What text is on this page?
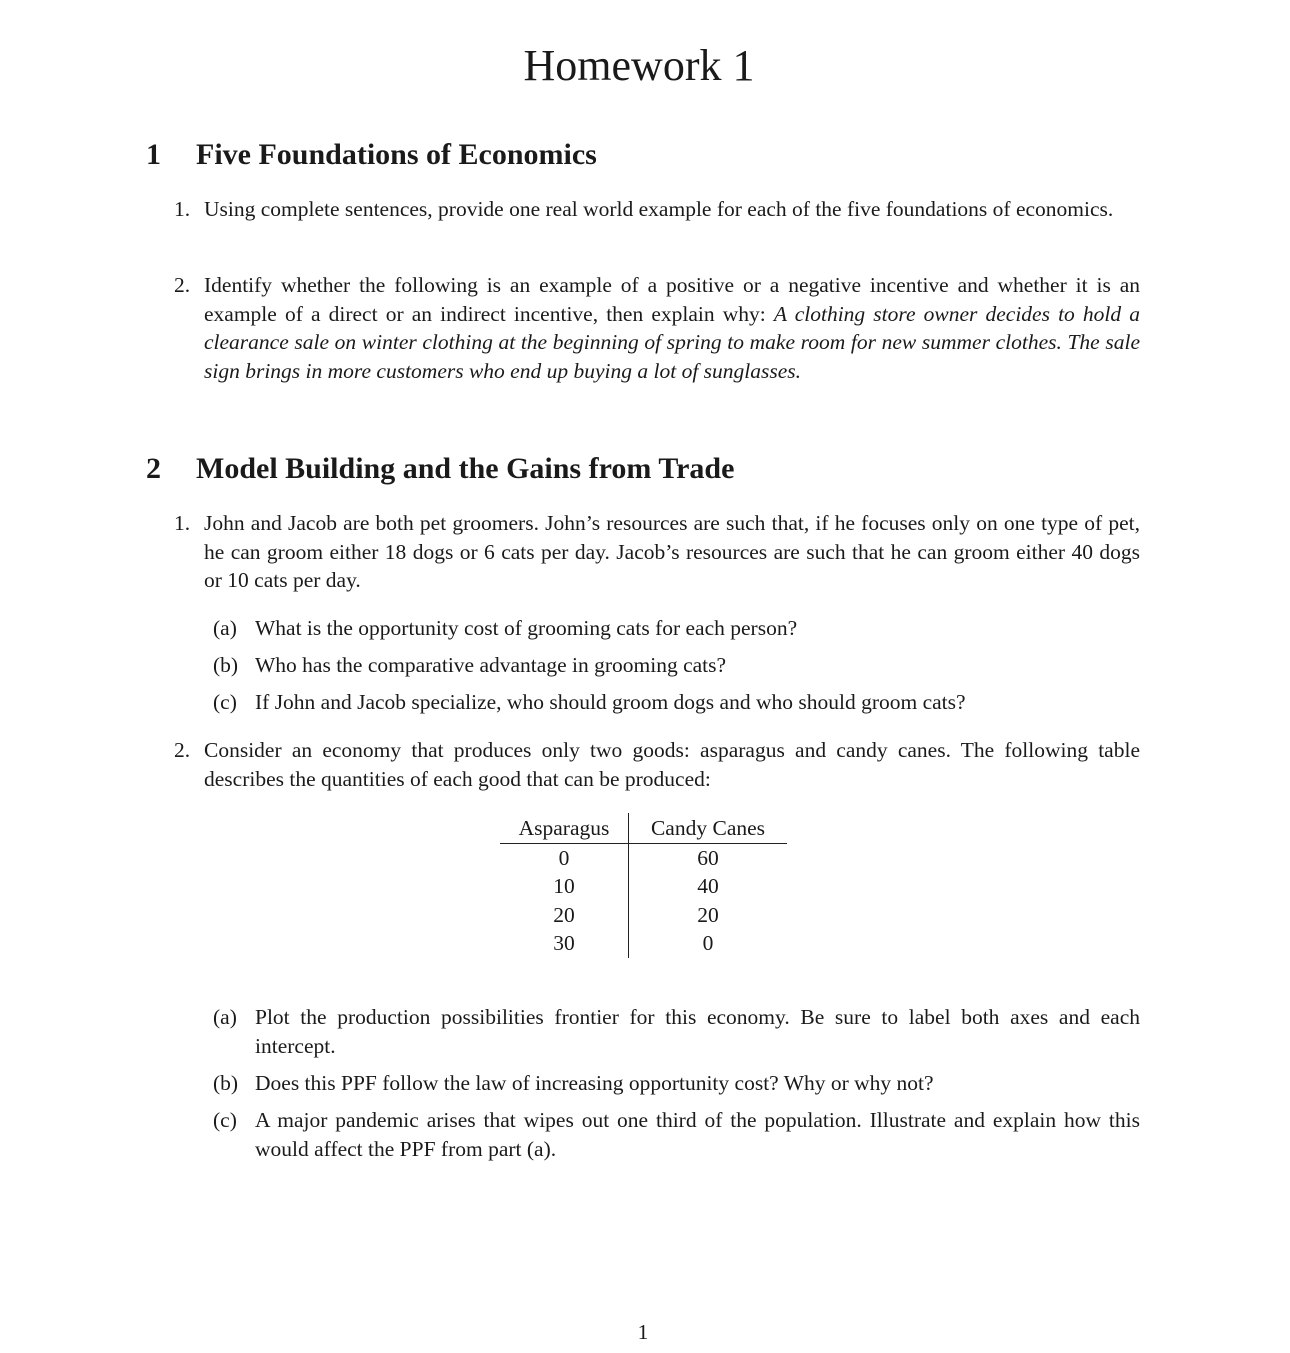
Homework 1
1 Five Foundations of Economics
1. Using complete sentences, provide one real world example for each of the five foundations of economics.
2. Identify whether the following is an example of a positive or a negative incentive and whether it is an example of a direct or an indirect incentive, then explain why: A clothing store owner decides to hold a clearance sale on winter clothing at the beginning of spring to make room for new summer clothes. The sale sign brings in more customers who end up buying a lot of sunglasses.
2 Model Building and the Gains from Trade
1. John and Jacob are both pet groomers. John’s resources are such that, if he focuses only on one type of pet, he can groom either 18 dogs or 6 cats per day. Jacob’s resources are such that he can groom either 40 dogs or 10 cats per day.
(a) What is the opportunity cost of grooming cats for each person?
(b) Who has the comparative advantage in grooming cats?
(c) If John and Jacob specialize, who should groom dogs and who should groom cats?
2. Consider an economy that produces only two goods: asparagus and candy canes. The following table describes the quantities of each good that can be produced:
Asparagus	Candy Canes
0	60
10	40
20	20
30	0
(a) Plot the production possibilities frontier for this economy. Be sure to label both axes and each intercept.
(b) Does this PPF follow the law of increasing opportunity cost? Why or why not?
(c) A major pandemic arises that wipes out one third of the population. Illustrate and explain how this would affect the PPF from part (a).
1
